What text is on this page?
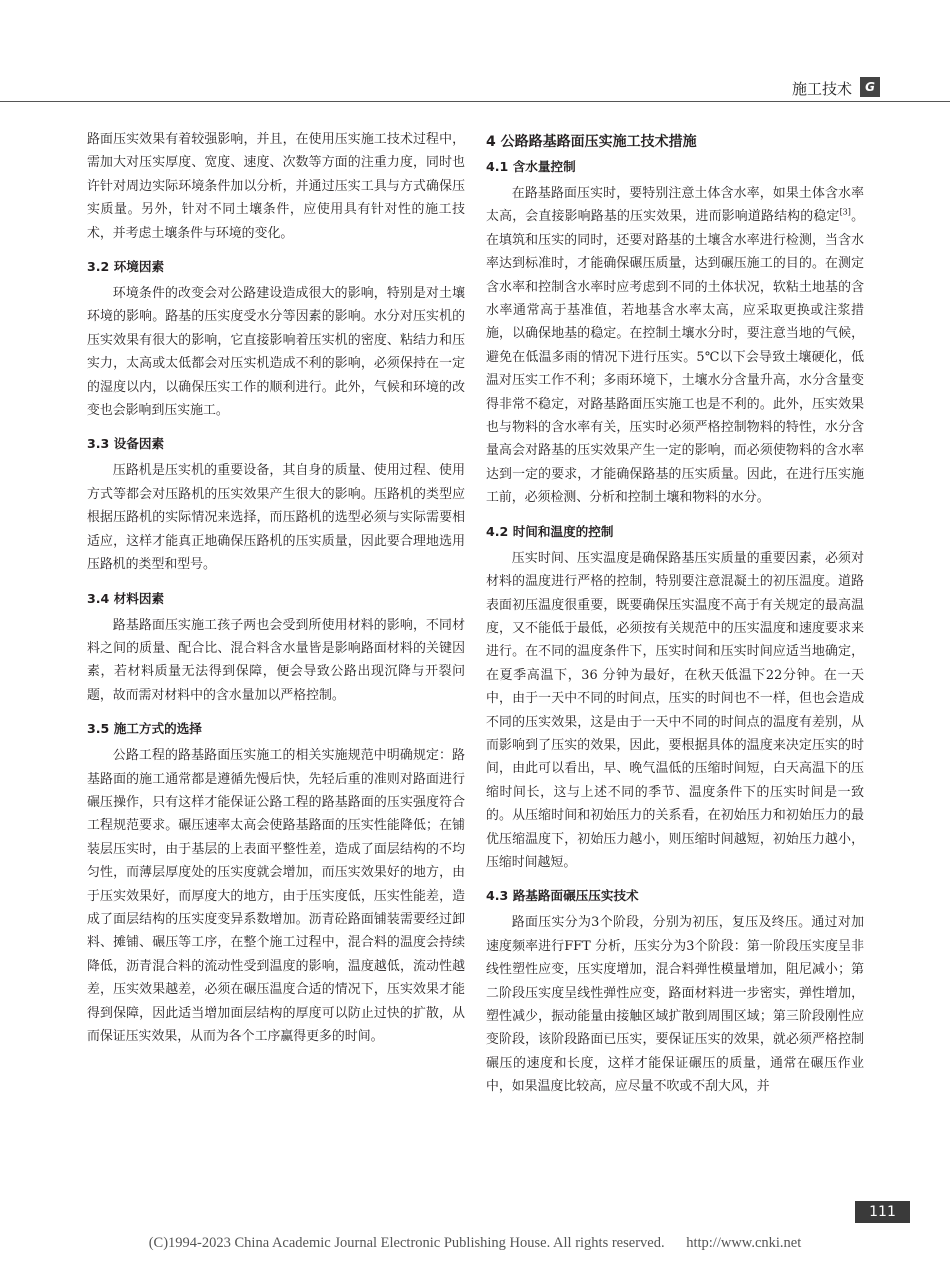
施工技术	G

路面压实效果有着较强影响，并且，在使用压实施工技术过程中，需加大对压实厚度、宽度、速度、次数等方面的注重力度，同时也许针对周边实际环境条件加以分析，并通过压实工具与方式确保压实质量。另外，针对不同土壤条件，应使用具有针对性的施工技术，并考虑土壤条件与环境的变化。

3.2 环境因素

环境条件的改变会对公路建设造成很大的影响，特别是对土壤环境的影响。路基的压实度受水分等因素的影响。水分对压实机的压实效果有很大的影响，它直接影响着压实机的密度、粘结力和压实力，太高或太低都会对压实机造成不利的影响，必须保持在一定的湿度以内，以确保压实工作的顺利进行。此外，气候和环境的改变也会影响到压实施工。

3.3 设备因素

压路机是压实机的重要设备，其自身的质量、使用过程、使用方式等都会对压路机的压实效果产生很大的影响。压路机的类型应根据压路机的实际情况来选择，而压路机的选型必须与实际需要相适应，这样才能真正地确保压路机的压实质量，因此要合理地选用压路机的类型和型号。

3.4 材料因素

路基路面压实施工孩子两也会受到所使用材料的影响，不同材料之间的质量、配合比、混合料含水量皆是影响路面材料的关键因素，若材料质量无法得到保障，便会导致公路出现沉降与开裂问题，故而需对材料中的含水量加以严格控制。

3.5 施工方式的选择

公路工程的路基路面压实施工的相关实施规范中明确规定：路基路面的施工通常都是遵循先慢后快，先轻后重的准则对路面进行碾压操作，只有这样才能保证公路工程的路基路面的压实强度符合工程规范要求。碾压速率太高会使路基路面的压实性能降低；在铺装层压实时，由于基层的上表面平整性差，造成了面层结构的不均匀性，而薄层厚度处的压实度就会增加，而压实效果好的地方，由于压实效果好，而厚度大的地方，由于压实度低，压实性能差，造成了面层结构的压实度变异系数增加。沥青砼路面铺装需要经过卸料、摊铺、碾压等工序，在整个施工过程中，混合料的温度会持续降低，沥青混合料的流动性受到温度的影响，温度越低，流动性越差，压实效果越差，必须在碾压温度合适的情况下，压实效果才能得到保障，因此适当增加面层结构的厚度可以防止过快的扩散，从而保证压实效果，从而为各个工序赢得更多的时间。

4 公路路基路面压实施工技术措施
4.1 含水量控制

在路基路面压实时，要特别注意土体含水率，如果土体含水率太高，会直接影响路基的压实效果，进而影响道路结构的稳定[3]。在填筑和压实的同时，还要对路基的土壤含水率进行检测，当含水率达到标准时，才能确保碾压质量，达到碾压施工的目的。在测定含水率和控制含水率时应考虑到不同的土体状况，软粘土地基的含水率通常高于基准值，若地基含水率太高，应采取更换或注浆措施，以确保地基的稳定。在控制土壤水分时，要注意当地的气候，避免在低温多雨的情况下进行压实。5℃以下会导致土壤硬化，低温对压实工作不利；多雨环境下，土壤水分含量升高，水分含量变得非常不稳定，对路基路面压实施工也是不利的。此外，压实效果也与物料的含水率有关，压实时必须严格控制物料的特性，水分含量高会对路基的压实效果产生一定的影响，而必须使物料的含水率达到一定的要求，才能确保路基的压实质量。因此，在进行压实施工前，必须检测、分析和控制土壤和物料的水分。

4.2 时间和温度的控制

压实时间、压实温度是确保路基压实质量的重要因素，必须对材料的温度进行严格的控制，特别要注意混凝土的初压温度。道路表面初压温度很重要，既要确保压实温度不高于有关规定的最高温度，又不能低于最低，必须按有关规范中的压实温度和速度要求来进行。在不同的温度条件下，压实时间和压实时间应适当地确定，在夏季高温下，36 分钟为最好，在秋天低温下22分钟。在一天中，由于一天中不同的时间点，压实的时间也不一样，但也会造成不同的压实效果，这是由于一天中不同的时间点的温度有差别，从而影响到了压实的效果，因此，要根据具体的温度来决定压实的时间，由此可以看出，早、晚气温低的压缩时间短，白天高温下的压缩时间长，这与上述不同的季节、温度条件下的压实时间是一致的。从压缩时间和初始压力的关系看，在初始压力和初始压力的最优压缩温度下，初始压力越小，则压缩时间越短，初始压力越小，压缩时间越短。

4.3 路基路面碾压压实技术

路面压实分为3个阶段，分别为初压，复压及终压。通过对加速度频率进行FFT 分析，压实分为3个阶段：第一阶段压实度呈非线性塑性应变，压实度增加，混合料弹性模量增加，阻尼减小；第二阶段压实度呈线性弹性应变，路面材料进一步密实，弹性增加，塑性减少，振动能量由接触区域扩散到周围区域；第三阶段刚性应变阶段，该阶段路面已压实，要保证压实的效果，就必须严格控制碾压的速度和长度，这样才能保证碾压的质量，通常在碾压作业中，如果温度比较高，应尽量不吹或不刮大风，并

111
(C)1994-2023 China Academic Journal Electronic Publishing House. All rights reserved. http://www.cnki.net
